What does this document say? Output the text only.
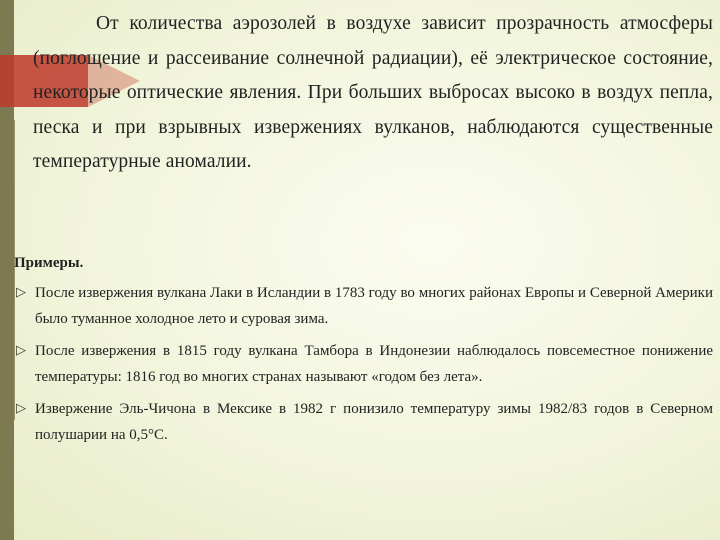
От количества аэрозолей в воздухе зависит прозрачность атмосферы (поглощение и рассеивание солнечной радиации), её электрическое состояние, некоторые оптические явления. При больших выбросах высоко в воздух пепла, песка и при взрывных извержениях вулканов, наблюдаются существенные температурные аномалии.
Примеры.
▷ После извержения вулкана Лаки в Исландии в 1783 году во многих районах Европы и Северной Америки было туманное холодное лето и суровая зима.
▷ После извержения в 1815 году вулкана Тамбора в Индонезии наблюдалось повсеместное понижение температуры: 1816 год во многих странах называют «годом без лета».
▷ Извержение Эль-Чичона в Мексике в 1982 г понизило температуру зимы 1982/83 годов в Северном полушарии на 0,5°С.
